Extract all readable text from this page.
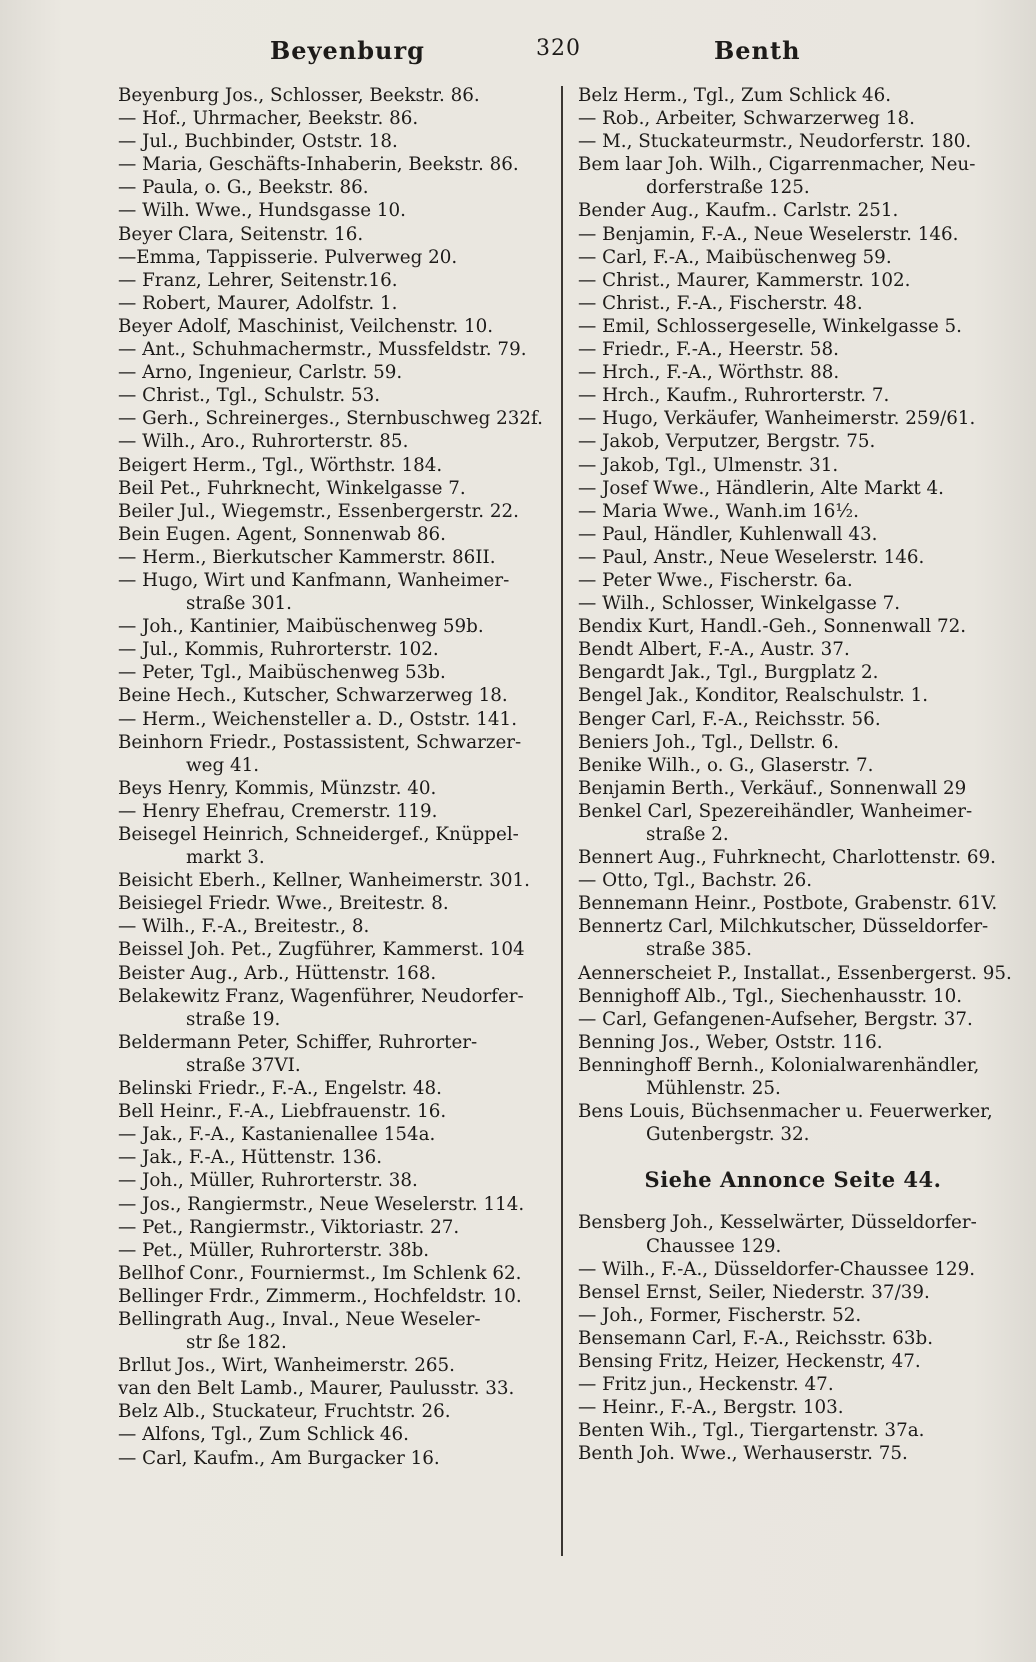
Beyenburg	320	Benth
Beyenburg Jos., Schlosser, Beekstr. 86.
— Hof., Uhrmacher, Beekstr. 86.
— Jul., Buchbinder, Oststr. 18.
— Maria, Geschäfts-Inhaberin, Beekstr. 86.
— Paula, o. G., Beekstr. 86.
— Wilh. Wwe., Hundsgasse 10.
Beyer Clara, Seitenstr. 16.
—Emma, Tappisserie. Pulverweg 20.
— Franz, Lehrer, Seitenstr.16.
— Robert, Maurer, Adolfstr. 1.
Beyer Adolf, Maschinist, Veilchenstr. 10.
— Ant., Schuhmachermstr., Mussfeldstr. 79.
— Arno, Ingenieur, Carlstr. 59.
— Christ., Tgl., Schulstr. 53.
— Gerh., Schreinerges., Sternbuschweg 232f.
— Wilh., Aro., Ruhrorterstr. 85.
Beigert Herm., Tgl., Wörthstr. 184.
Beil Pet., Fuhrknecht, Winkelgasse 7.
Beiler Jul., Wiegemstr., Essenbergerstr. 22.
Bein Eugen. Agent, Sonnenwab 86.
— Herm., Bierkutscher Kammerstr. 86II.
— Hugo, Wirt und Kanfmann, Wanheimer-
straße 301.
— Joh., Kantinier, Maibüschenweg 59b.
— Jul., Kommis, Ruhrorterstr. 102.
— Peter, Tgl., Maibüschenweg 53b.
Beine Hech., Kutscher, Schwarzerweg 18.
— Herm., Weichensteller a. D., Oststr. 141.
Beinhorn Friedr., Postassistent, Schwarzer-
weg 41.
Beys Henry, Kommis, Münzstr. 40.
— Henry Ehefrau, Cremerstr. 119.
Beisegel Heinrich, Schneidergef., Knüppel-
markt 3.
Beisicht Eberh., Kellner, Wanheimerstr. 301.
Beisiegel Friedr. Wwe., Breitestr. 8.
— Wilh., F.-A., Breitestr., 8.
Beissel Joh. Pet., Zugführer, Kammerst. 104
Beister Aug., Arb., Hüttenstr. 168.
Belakewitz Franz, Wagenführer, Neudorfer-
straße 19.
Beldermann Peter, Schiffer, Ruhrorter-
straße 37VI.
Belinski Friedr., F.-A., Engelstr. 48.
Bell Heinr., F.-A., Liebfrauenstr. 16.
— Jak., F.-A., Kastanienallee 154a.
— Jak., F.-A., Hüttenstr. 136.
— Joh., Müller, Ruhrorterstr. 38.
— Jos., Rangiermstr., Neue Weselerstr. 114.
— Pet., Rangiermstr., Viktoriastr. 27.
— Pet., Müller, Ruhrorterstr. 38b.
Bellhof Conr., Fourniermst., Im Schlenk 62.
Bellinger Frdr., Zimmerm., Hochfeldstr. 10.
Bellingrath Aug., Inval., Neue Weseler-
str ße 182.
Brllut Jos., Wirt, Wanheimerstr. 265.
van den Belt Lamb., Maurer, Paulusstr. 33.
Belz Alb., Stuckateur, Fruchtstr. 26.
— Alfons, Tgl., Zum Schlick 46.
— Carl, Kaufm., Am Burgacker 16.
Belz Herm., Tgl., Zum Schlick 46.
— Rob., Arbeiter, Schwarzerweg 18.
— M., Stuckateurmstr., Neudorferstr. 180.
Bem laar Joh. Wilh., Cigarrenmacher, Neu-
dorferstraße 125.
Bender Aug., Kaufm.. Carlstr. 251.
— Benjamin, F.-A., Neue Weselerstr. 146.
— Carl, F.-A., Maibüschenweg 59.
— Christ., Maurer, Kammerstr. 102.
— Christ., F.-A., Fischerstr. 48.
— Emil, Schlossergeselle, Winkelgasse 5.
— Friedr., F.-A., Heerstr. 58.
— Hrch., F.-A., Wörthstr. 88.
— Hrch., Kaufm., Ruhrorterstr. 7.
— Hugo, Verkäufer, Wanheimerstr. 259/61.
— Jakob, Verputzer, Bergstr. 75.
— Jakob, Tgl., Ulmenstr. 31.
— Josef Wwe., Händlerin, Alte Markt 4.
— Maria Wwe., Wanh.im 16½.
— Paul, Händler, Kuhlenwall 43.
— Paul, Anstr., Neue Weselerstr. 146.
— Peter Wwe., Fischerstr. 6a.
— Wilh., Schlosser, Winkelgasse 7.
Bendix Kurt, Handl.-Geh., Sonnenwall 72.
Bendt Albert, F.-A., Austr. 37.
Bengardt Jak., Tgl., Burgplatz 2.
Bengel Jak., Konditor, Realschulstr. 1.
Benger Carl, F.-A., Reichsstr. 56.
Beniers Joh., Tgl., Dellstr. 6.
Benike Wilh., o. G., Glaserstr. 7.
Benjamin Berth., Verkäuf., Sonnenwall 29
Benkel Carl, Spezereihändler, Wanheimer-
straße 2.
Bennert Aug., Fuhrknecht, Charlottenstr. 69.
— Otto, Tgl., Bachstr. 26.
Bennemann Heinr., Postbote, Grabenstr. 61V.
Bennertz Carl, Milchkutscher, Düsseldorfer-
straße 385.
Aennerscheiet P., Installat., Essenbergerst. 95.
Bennighoff Alb., Tgl., Siechenhausstr. 10.
— Carl, Gefangenen-Aufseher, Bergstr. 37.
Benning Jos., Weber, Oststr. 116.
Benninghoff Bernh., Kolonialwarenhändler,
Mühlenstr. 25.
Bens Louis, Büchsenmacher u. Feuerwerker,
Gutenbergstr. 32.
Siehe Annonce Seite 44.
Bensberg Joh., Kesselwärter, Düsseldorfer-
Chaussee 129.
— Wilh., F.-A., Düsseldorfer-Chaussee 129.
Bensel Ernst, Seiler, Niederstr. 37/39.
— Joh., Former, Fischerstr. 52.
Bensemann Carl, F.-A., Reichsstr. 63b.
Bensing Fritz, Heizer, Heckenstr, 47.
— Fritz jun., Heckenstr. 47.
— Heinr., F.-A., Bergstr. 103.
Benten Wih., Tgl., Tiergartenstr. 37a.
Benth Joh. Wwe., Werhauserstr. 75.
